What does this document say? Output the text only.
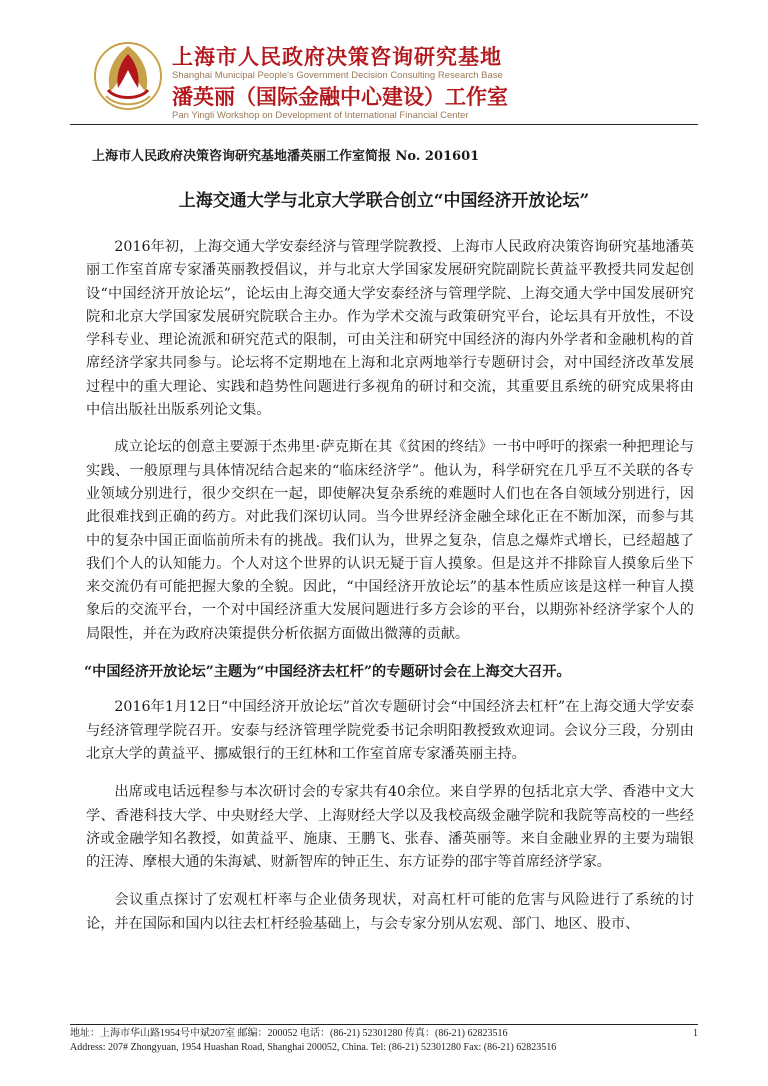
上海市人民政府决策咨询研究基地
Shanghai Municipal People's Government Decision Consulting Research Base
潘英丽（国际金融中心建设）工作室
Pan Yingli Workshop on Development of International Financial Center
上海市人民政府决策咨询研究基地潘英丽工作室简报 No. 201601
上海交通大学与北京大学联合创立“中国经济开放论坛”

2016年初，上海交通大学安泰经济与管理学院教授、上海市人民政府决策咨询研究基地潘英丽工作室首席专家潘英丽教授倡议，并与北京大学国家发展研究院副院长黄益平教授共同发起创设“中国经济开放论坛”，论坛由上海交通大学安泰经济与管理学院、上海交通大学中国发展研究院和北京大学国家发展研究院联合主办。作为学术交流与政策研究平台，论坛具有开放性，不设学科专业、理论流派和研究范式的限制，可由关注和研究中国经济的海内外学者和金融机构的首席经济学家共同参与。论坛将不定期地在上海和北京两地举行专题研讨会，对中国经济改革发展过程中的重大理论、实践和趋势性问题进行多视角的研讨和交流，其重要且系统的研究成果将由中信出版社出版系列论文集。

成立论坛的创意主要源于杰弗里·萨克斯在其《贫困的终结》一书中呼吁的探索一种把理论与实践、一般原理与具体情况结合起来的“临床经济学”。他认为，科学研究在几乎互不关联的各专业领域分别进行，很少交织在一起，即使解决复杂系统的难题时人们也在各自领域分别进行，因此很难找到正确的药方。对此我们深切认同。当今世界经济金融全球化正在不断加深，而参与其中的复杂中国正面临前所未有的挑战。我们认为，世界之复杂，信息之爆炸式增长，已经超越了我们个人的认知能力。个人对这个世界的认识无疑于盲人摸象。但是这并不排除盲人摸象后坐下来交流仍有可能把握大象的全貌。因此，“中国经济开放论坛”的基本性质应该是这样一种盲人摸象后的交流平台，一个对中国经济重大发展问题进行多方会诊的平台，以期弥补经济学家个人的局限性，并在为政府决策提供分析依据方面做出微薄的贡献。

“中国经济开放论坛”主题为“中国经济去杠杆”的专题研讨会在上海交大召开。

2016年1月12日“中国经济开放论坛”首次专题研讨会“中国经济去杠杆”在上海交通大学安泰与经济管理学院召开。安泰与经济管理学院党委书记余明阳教授致欢迎词。会议分三段，分别由北京大学的黄益平、挪威银行的王红林和工作室首席专家潘英丽主持。

出席或电话远程参与本次研讨会的专家共有40余位。来自学界的包括北京大学、香港中文大学、香港科技大学、中央财经大学、上海财经大学以及我校高级金融学院和我院等高校的一些经济或金融学知名教授，如黄益平、施康、王鹏飞、张春、潘英丽等。来自金融业界的主要为瑞银的汪涛、摩根大通的朱海斌、财新智库的钟正生、东方证券的邵宇等首席经济学家。

会议重点探讨了宏观杠杆率与企业债务现状，对高杠杆可能的危害与风险进行了系统的讨论，并在国际和国内以往去杠杆经验基础上，与会专家分别从宏观、部门、地区、股市、

地址：上海市华山路1954号中斌207室 邮编：200052 电话：(86-21) 52301280 传真：(86-21) 62823516
Address: 207# Zhongyuan, 1954 Huashan Road, Shanghai 200052, China. Tel: (86-21) 52301280 Fax: (86-21) 62823516
1
